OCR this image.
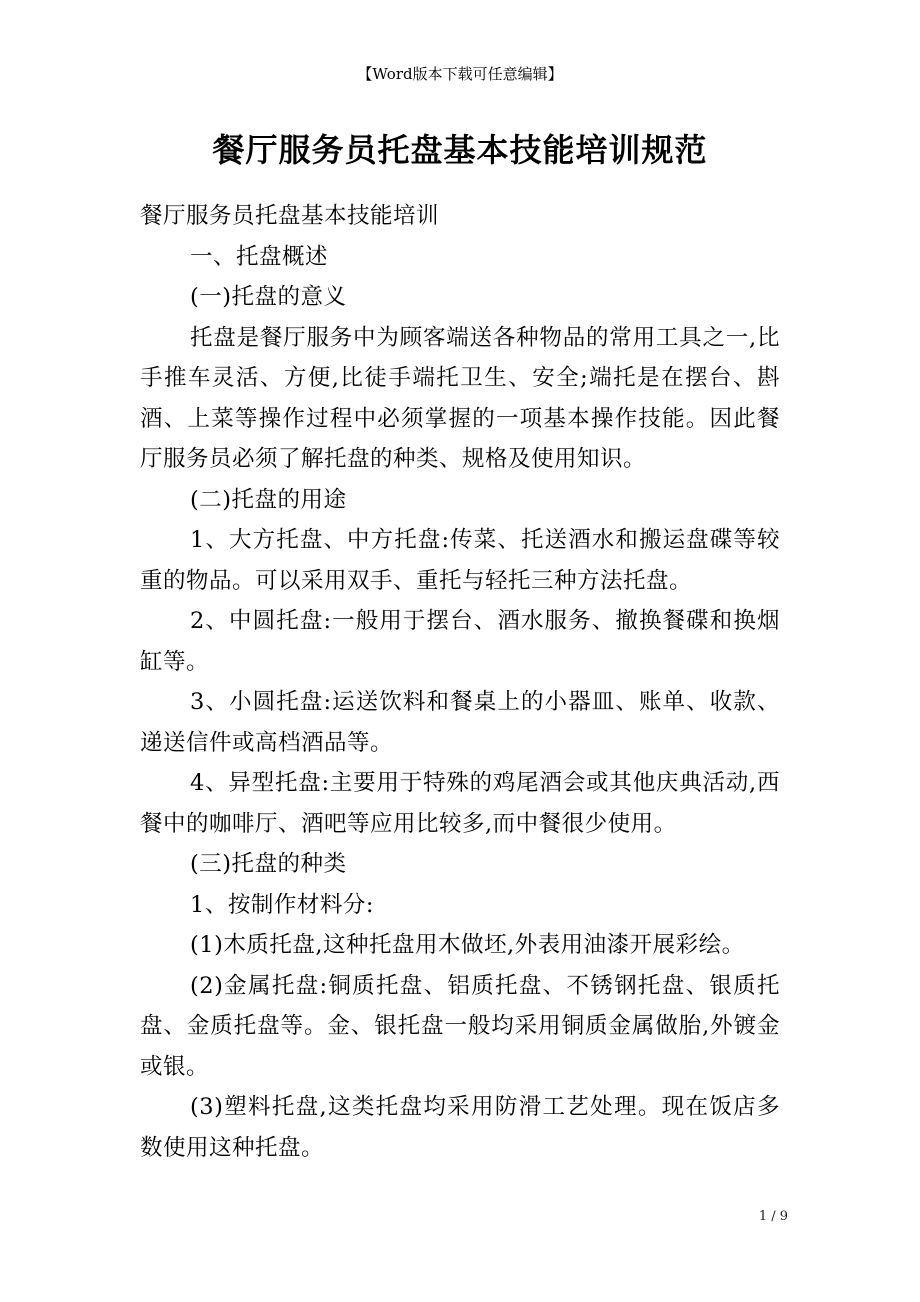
【Word版本下载可任意编辑】
餐厅服务员托盘基本技能培训规范

餐厅服务员托盘基本技能培训

一、托盘概述

(一)托盘的意义

托盘是餐厅服务中为顾客端送各种物品的常用工具之一,比手推车灵活、方便,比徒手端托卫生、安全;端托是在摆台、斟酒、上菜等操作过程中必须掌握的一项基本操作技能。因此餐厅服务员必须了解托盘的种类、规格及使用知识。

(二)托盘的用途

1、大方托盘、中方托盘:传菜、托送酒水和搬运盘碟等较重的物品。可以采用双手、重托与轻托三种方法托盘。

2、中圆托盘:一般用于摆台、酒水服务、撤换餐碟和换烟缸等。

3、小圆托盘:运送饮料和餐桌上的小器皿、账单、收款、递送信件或高档酒品等。

4、异型托盘:主要用于特殊的鸡尾酒会或其他庆典活动,西餐中的咖啡厅、酒吧等应用比较多,而中餐很少使用。

(三)托盘的种类

1、按制作材料分:

(1)木质托盘,这种托盘用木做坯,外表用油漆开展彩绘。

(2)金属托盘:铜质托盘、铝质托盘、不锈钢托盘、银质托盘、金质托盘等。金、银托盘一般均采用铜质金属做胎,外镀金或银。

(3)塑料托盘,这类托盘均采用防滑工艺处理。现在饭店多数使用这种托盘。

1 / 9
